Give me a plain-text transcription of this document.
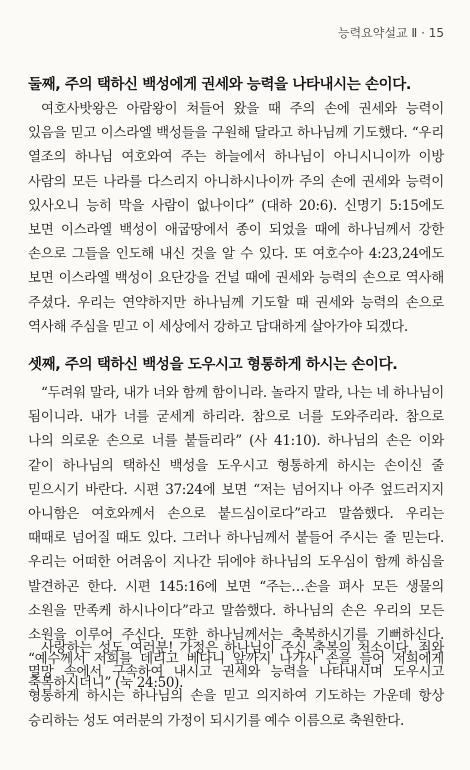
능력요약설교 Ⅱ · 15
둘째, 주의 택하신 백성에게 권세와 능력을 나타내시는 손이다.

여호사밧왕은 아람왕이 쳐들어 왔을 때 주의 손에 권세와 능력이 있음을 믿고 이스라엘 백성들을 구원해 달라고 하나님께 기도했다. “우리 열조의 하나님 여호와여 주는 하늘에서 하나님이 아니시니이까 이방 사람의 모든 나라를 다스리지 아니하시나이까 주의 손에 권세와 능력이 있사오니 능히 막을 사람이 없나이다” (대하 20:6). 신명기 5:15에도 보면 이스라엘 백성이 애굽땅에서 종이 되었을 때에 하나님께서 강한 손으로 그들을 인도해 내신 것을 알 수 있다. 또 여호수아 4:23,24에도 보면 이스라엘 백성이 요단강을 건널 때에 권세와 능력의 손으로 역사해 주셨다. 우리는 연약하지만 하나님께 기도할 때 권세와 능력의 손으로 역사해 주심을 믿고 이 세상에서 강하고 담대하게 살아가야 되겠다.

셋째, 주의 택하신 백성을 도우시고 형통하게 하시는 손이다.

“두려워 말라, 내가 너와 함께 함이니라. 놀라지 말라, 나는 네 하나님이 됨이니라. 내가 너를 굳세게 하리라. 참으로 너를 도와주리라. 참으로 나의 의로운 손으로 너를 붙들리라” (사 41:10). 하나님의 손은 이와 같이 하나님의 택하신 백성을 도우시고 형통하게 하시는 손이신 줄 믿으시기 바란다. 시편 37:24에 보면 “저는 넘어지나 아주 엎드러지지 아니함은 여호와께서 손으로 붙드심이로다”라고 말씀했다. 우리는 때때로 넘어질 때도 있다. 그러나 하나님께서 붙들어 주시는 줄 믿는다. 우리는 어떠한 어려움이 지나간 뒤에야 하나님의 도우심이 함께 하심을 발견하곤 한다. 시편 145:16에 보면 “주는…손을 펴사 모든 생물의 소원을 만족케 하시나이다”라고 말씀했다. 하나님의 손은 우리의 모든 소원을 이루어 주신다. 또한 하나님께서는 축복하시기를 기뻐하신다. “예수께서 저희를 데리고 베다니 앞까지 나가사 손을 들어 저희에게 축복하시더니” (눅 24:50).

사랑하는 성도 여러분! 가정은 하나님이 주신 축복의 처소이다. 죄와 멸망 속에서 구속하여 내시고 권세와 능력을 나타내시며 도우시고 형통하게 하시는 하나님의 손을 믿고 의지하여 기도하는 가운데 항상 승리하는 성도 여러분의 가정이 되시기를 예수 이름으로 축원한다.
